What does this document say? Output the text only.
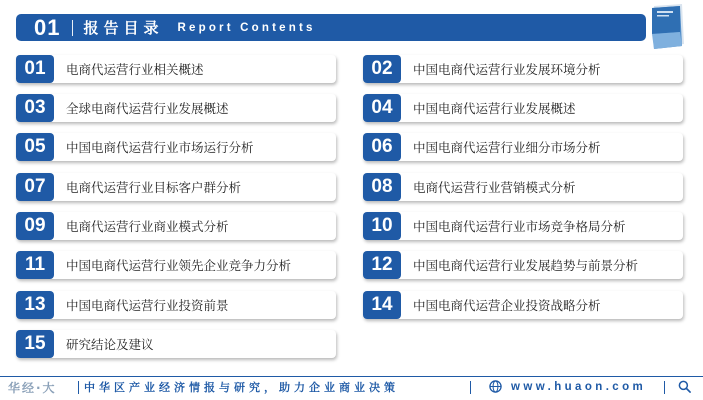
01 报告目录 Report Contents
01	电商代运营行业相关概述	02	中国电商代运营行业发展环境分析
03	全球电商代运营行业发展概述	04	中国电商代运营行业发展概述
05	中国电商代运营行业市场运行分析	06	中国电商代运营行业细分市场分析
07	电商代运营行业目标客户群分析	08	电商代运营行业营销模式分析
09	电商代运营行业商业模式分析	10	中国电商代运营行业市场竞争格局分析
11	中国电商代运营行业领先企业竞争力分析	12	中国电商代运营行业发展趋势与前景分析
13	中国电商代运营行业投资前景	14	中国电商代运营企业投资战略分析
15	研究结论及建议
华经·大 中华区产业经济情报与研究，助力企业商业决策	www.huaon.com
